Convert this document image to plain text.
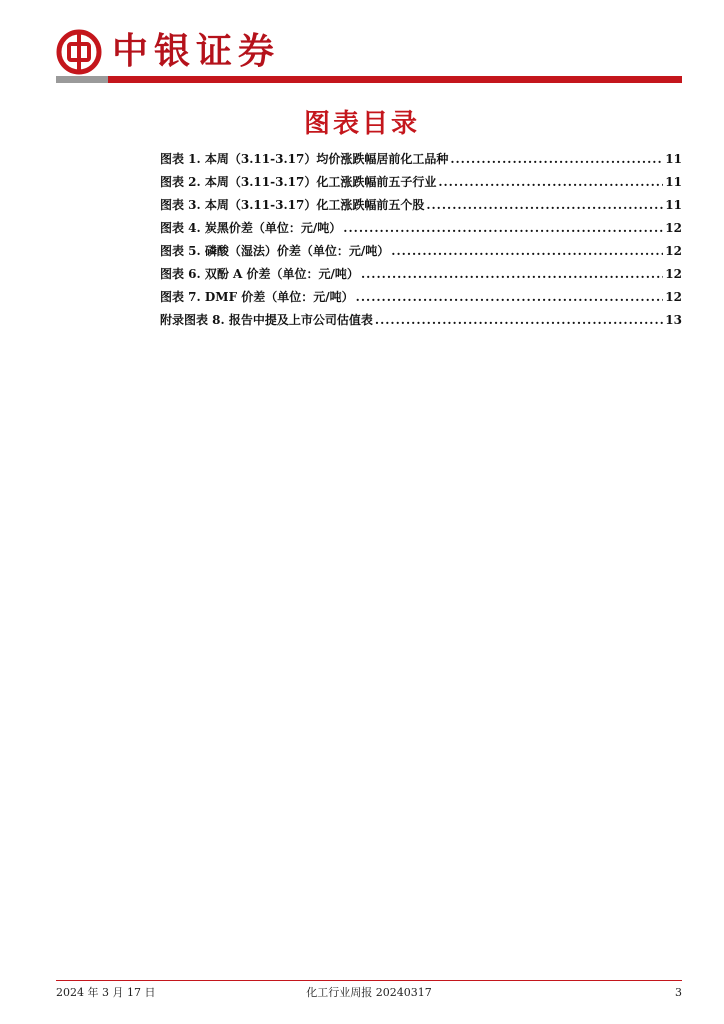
中银证券
图表目录
图表 1. 本周（3.11-3.17）均价涨跌幅居前化工品种 .....	11
图表 2. 本周（3.11-3.17）化工涨跌幅前五子行业 .....	11
图表 3. 本周（3.11-3.17）化工涨跌幅前五个股 .....	11
图表 4. 炭黑价差（单位：元/吨） .....	12
图表 5. 磷酸（湿法）价差（单位：元/吨） .....	12
图表 6. 双酚 A 价差（单位：元/吨） .....	12
图表 7. DMF 价差（单位：元/吨） .....	12
附录图表 8. 报告中提及上市公司估值表 .....	13
2024 年 3 月 17 日	化工行业周报 20240317	3
